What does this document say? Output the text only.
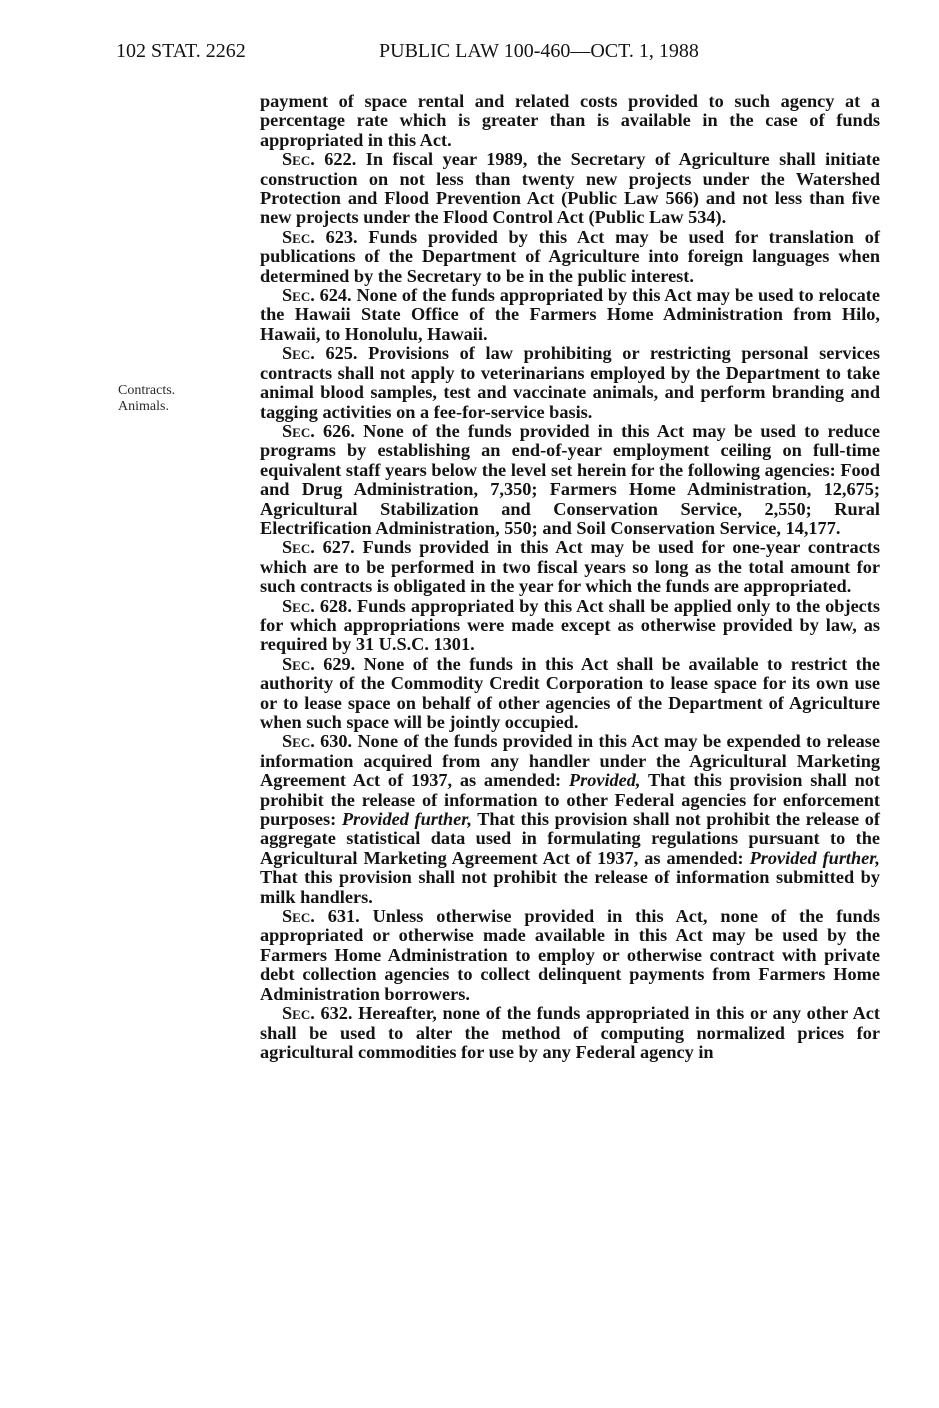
102 STAT. 2262	PUBLIC LAW 100-460—OCT. 1, 1988
Contracts.
Animals.

payment of space rental and related costs provided to such agency at a percentage rate which is greater than is available in the case of funds appropriated in this Act.

Sec. 622. In fiscal year 1989, the Secretary of Agriculture shall initiate construction on not less than twenty new projects under the Watershed Protection and Flood Prevention Act (Public Law 566) and not less than five new projects under the Flood Control Act (Public Law 534).

Sec. 623. Funds provided by this Act may be used for translation of publications of the Department of Agriculture into foreign languages when determined by the Secretary to be in the public interest.

Sec. 624. None of the funds appropriated by this Act may be used to relocate the Hawaii State Office of the Farmers Home Administration from Hilo, Hawaii, to Honolulu, Hawaii.

Sec. 625. Provisions of law prohibiting or restricting personal services contracts shall not apply to veterinarians employed by the Department to take animal blood samples, test and vaccinate animals, and perform branding and tagging activities on a fee-for-service basis.

Sec. 626. None of the funds provided in this Act may be used to reduce programs by establishing an end-of-year employment ceiling on full-time equivalent staff years below the level set herein for the following agencies: Food and Drug Administration, 7,350; Farmers Home Administration, 12,675; Agricultural Stabilization and Conservation Service, 2,550; Rural Electrification Administration, 550; and Soil Conservation Service, 14,177.

Sec. 627. Funds provided in this Act may be used for one-year contracts which are to be performed in two fiscal years so long as the total amount for such contracts is obligated in the year for which the funds are appropriated.

Sec. 628. Funds appropriated by this Act shall be applied only to the objects for which appropriations were made except as otherwise provided by law, as required by 31 U.S.C. 1301.

Sec. 629. None of the funds in this Act shall be available to restrict the authority of the Commodity Credit Corporation to lease space for its own use or to lease space on behalf of other agencies of the Department of Agriculture when such space will be jointly occupied.

Sec. 630. None of the funds provided in this Act may be expended to release information acquired from any handler under the Agricultural Marketing Agreement Act of 1937, as amended: Provided, That this provision shall not prohibit the release of information to other Federal agencies for enforcement purposes: Provided further, That this provision shall not prohibit the release of aggregate statistical data used in formulating regulations pursuant to the Agricultural Marketing Agreement Act of 1937, as amended: Provided further, That this provision shall not prohibit the release of information submitted by milk handlers.

Sec. 631. Unless otherwise provided in this Act, none of the funds appropriated or otherwise made available in this Act may be used by the Farmers Home Administration to employ or otherwise contract with private debt collection agencies to collect delinquent payments from Farmers Home Administration borrowers.

Sec. 632. Hereafter, none of the funds appropriated in this or any other Act shall be used to alter the method of computing normalized prices for agricultural commodities for use by any Federal agency in
